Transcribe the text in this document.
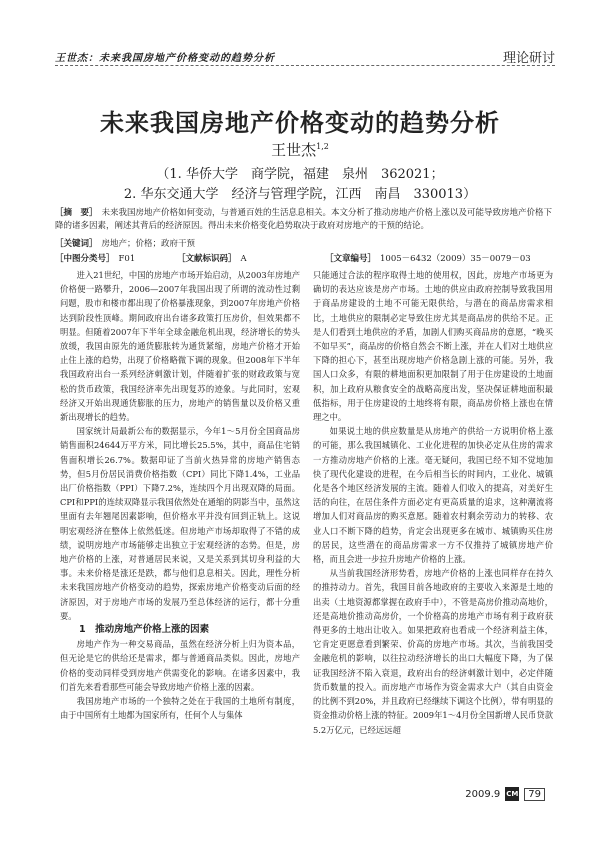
王世杰：未来我国房地产价格变动的趋势分析	理论研讨
未来我国房地产价格变动的趋势分析
王世杰$^{1,2}$
（1. 华侨大学　商学院，福建　泉州　362021；
2. 华东交通大学　经济与管理学院，江西　南昌　330013）
［摘　要］ 未来我国房地产价格如何变动，与普通百姓的生活息息相关。本文分析了推动房地产价格上涨以及可能导致房地产价格下降的诸多因素，阐述其背后的经济原因。得出未来价格变化趋势取决于政府对房地产的干预的结论。
［关键词］ 房地产；价格；政府干预
［中图分类号］ F01	［文献标识码］ A	［文章编号］ 1005－6432（2009）35－0079－03

进入21世纪，中国的房地产市场开始启动，从2003年房地产价格便一路攀升，2006—2007年我国出现了所谓的流动性过剩问题，股市和楼市都出现了价格暴涨现象，到2007年房地产价格达到阶段性顶峰。期间政府出台诸多政策打压房价，但效果都不明显。但随着2007年下半年全球金融危机出现，经济增长的势头放缓，我国由原先的通货膨胀转为通货紧缩，房地产价格才开始止住上涨的趋势，出现了价格略微下调的现象。但2008年下半年我国政府出台一系列经济刺激计划，伴随着扩张的财政政策与宽松的货币政策，我国经济率先出现复苏的迹象。与此同时，宏观经济又开始出现通货膨胀的压力，房地产的销售量以及价格又重新出现增长的趋势。

国家统计局最新公布的数据显示，今年1～5月份全国商品房销售面积24644万平方米，同比增长25.5%，其中，商品住宅销售面积增长26.7%。数据印证了当前火热异常的房地产销售态势，但5月份居民消费价格指数（CPI）同比下降1.4%，工业品出厂价格指数（PPI）下降7.2%，连续四个月出现双降的局面。CPI和PPI的连续双降显示我国依然处在通缩的阴影当中，虽然这里面有去年翘尾因素影响，但价格水平并没有回到正轨上。这说明宏观经济在整体上依然低迷。但房地产市场却取得了不错的成绩，说明房地产市场能够走出独立于宏观经济的态势。但是，房地产价格的上涨，对普通居民来说，又是关系到其切身利益的大事。未来价格是涨还是跌，都与他们息息相关。因此，理性分析未来我国房地产价格变动的趋势，探索房地产价格变动后面的经济原因，对于房地产市场的发展乃至总体经济的运行，都十分重要。

1　推动房地产价格上涨的因素

房地产作为一种交易商品，虽然在经济分析上归为资本品，但无论是它的供给还是需求，都与普通商品类似。因此，房地产价格的变动同样受到房地产供需变化的影响。在诸多因素中，我们首先来看看那些可能会导致房地产价格上涨的因素。

我国房地产市场的一个独特之处在于我国的土地所有制度，由于中国所有土地都为国家所有，任何个人与集体

只能通过合法的程序取得土地的使用权，因此，房地产市场更为确切的表达应该是房产市场。土地的供应由政府控制导致我国用于商品房建设的土地不可能无限供给，与潜在的商品房需求相比，土地供应的限制必定导致住房尤其是商品房的供给不足。正是人们看到土地供应的矛盾，加剧人们购买商品房的意愿，“晚买不如早买”，商品房的价格自然会不断上涨，并在人们对土地供应下降的担心下，甚至出现房地产价格急剧上涨的可能。另外，我国人口众多，有限的耕地面积更加限制了用于住房建设的土地面积，加上政府从粮食安全的战略高度出发，坚决保证耕地面积最低指标，用于住房建设的土地终将有限，商品房价格上涨也在情理之中。

如果说土地的供应数量是从房地产的供给一方说明价格上涨的可能，那么我国城镇化、工业化进程的加快必定从住房的需求一方推动房地产价格的上涨。毫无疑问，我国已经不知不觉地加快了现代化建设的进程，在今后相当长的时间内，工业化、城镇化是各个地区经济发展的主流。随着人们收入的提高，对美好生活的向往，在居住条件方面必定有更高质量的追求，这种潮流将增加人们对商品房的购买意愿。随着农村剩余劳动力的转移、农业人口不断下降的趋势，肯定会出现更多在城市、城镇购买住房的居民，这些潜在的商品房需求一方不仅推持了城镇房地产价格，而且会进一步拉升房地产价格的上涨。

从当前我国经济形势看，房地产价格的上涨也同样存在持久的推持动力。首先，我国目前各地政府的主要收入来源是土地的出卖（土地资源都掌握在政府手中），不管是高房价推动高地价，还是高地价推动高房价，一个价格高的房地产市场有利于政府获得更多的土地出让收入。如果把政府也看成一个经济利益主体，它肯定更愿意看到繁荣、价高的房地产市场。其次，当前我国受金融危机的影响，以往拉动经济增长的出口大幅度下降，为了保证我国经济不陷入衰退，政府出台的经济刺激计划中，必定伴随货币数量的投入。而房地产市场作为资金需求大户（其自由资金的比例不到20%，并且政府已经继续下调这个比例），带有明显的资金推动价格上涨的特征。2009年1～4月份全国新增人民币贷款5.2万亿元，已经远远超

2009.9 CM 79
